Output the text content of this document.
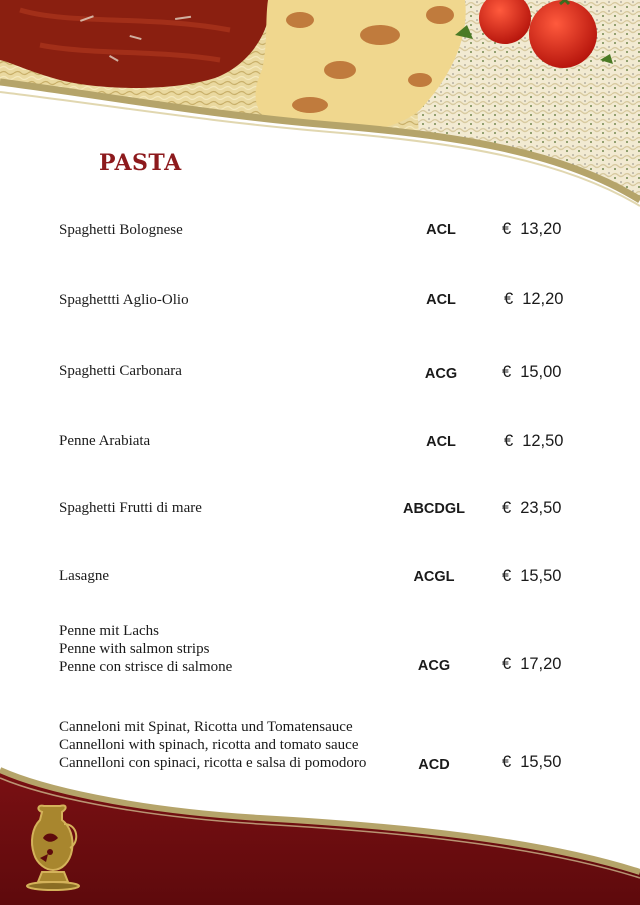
PASTA
Spaghetti Bolognese	ACL	€ 13,20
Spaghettti Aglio-Olio	ACL	€ 12,20
Spaghetti Carbonara	ACG	€ 15,00
Penne Arabiata	ACL	€ 12,50
Spaghetti Frutti di mare	ABCDGL	€ 23,50
Lasagne	ACGL	€ 15,50
Penne mit Lachs
Penne with salmon strips
Penne con strisce di salmone	ACG	€ 17,20
Canneloni mit Spinat, Ricotta und Tomatensauce
Cannelloni with spinach, ricotta and tomato sauce
Cannelloni con spinaci, ricotta e salsa di pomodoro	ACD	€ 15,50
